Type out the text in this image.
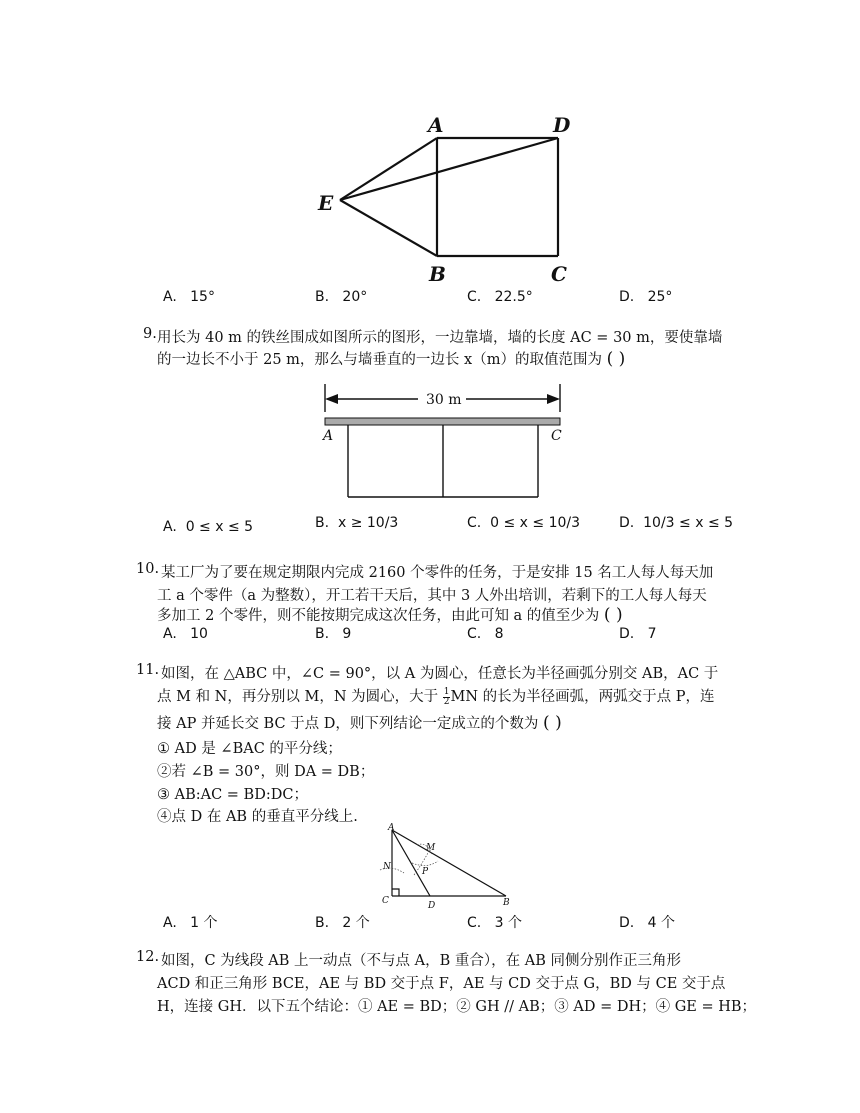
A	D
E
B	C
A. 15°	B. 20°	C. 22.5°	D. 25°
9. 用长为 40 m 的铁丝围成如图所示的图形，一边靠墙，墙的长度 AC = 30 m，要使靠墙
的一边长不小于 25 m，那么与墙垂直的一边长 x（m）的取值范围为 ( )
30 m
A	C
A. 0 ≤ x ≤ 5	B. x ≥ 10/3	C. 0 ≤ x ≤ 10/3	D. 10/3 ≤ x ≤ 5
10. 某工厂为了要在规定期限内完成 2160 个零件的任务，于是安排 15 名工人每人每天加
工 a 个零件（a 为整数），开工若干天后，其中 3 人外出培训，若剩下的工人每人每天
多加工 2 个零件，则不能按期完成这次任务，由此可知 a 的值至少为 ( )
A. 10	B. 9	C. 8	D. 7
11. 如图，在 △ABC 中，∠C = 90°，以 A 为圆心，任意长为半径画弧分别交 AB，AC 于
点 M 和 N，再分别以 M，N 为圆心，大于 $\frac{1}{2}$ MN 的长为半径画弧，两弧交于点 P，连
接 AP 并延长交 BC 于点 D，则下列结论一定成立的个数为 ( )
① AD 是 ∠BAC 的平分线；
②若 ∠B = 30°，则 DA = DB；
③ AB:AC = BD:DC；
④点 D 在 AB 的垂直平分线上.
A
M
N	P
C	D	B
A. 1 个	B. 2 个	C. 3 个	D. 4 个
12. 如图，C 为线段 AB 上一动点（不与点 A，B 重合），在 AB 同侧分别作正三角形
ACD 和正三角形 BCE，AE 与 BD 交于点 F，AE 与 CD 交于点 G，BD 与 CE 交于点
H，连接 GH．以下五个结论：① AE = BD；② GH // AB；③ AD = DH；④ GE = HB；
